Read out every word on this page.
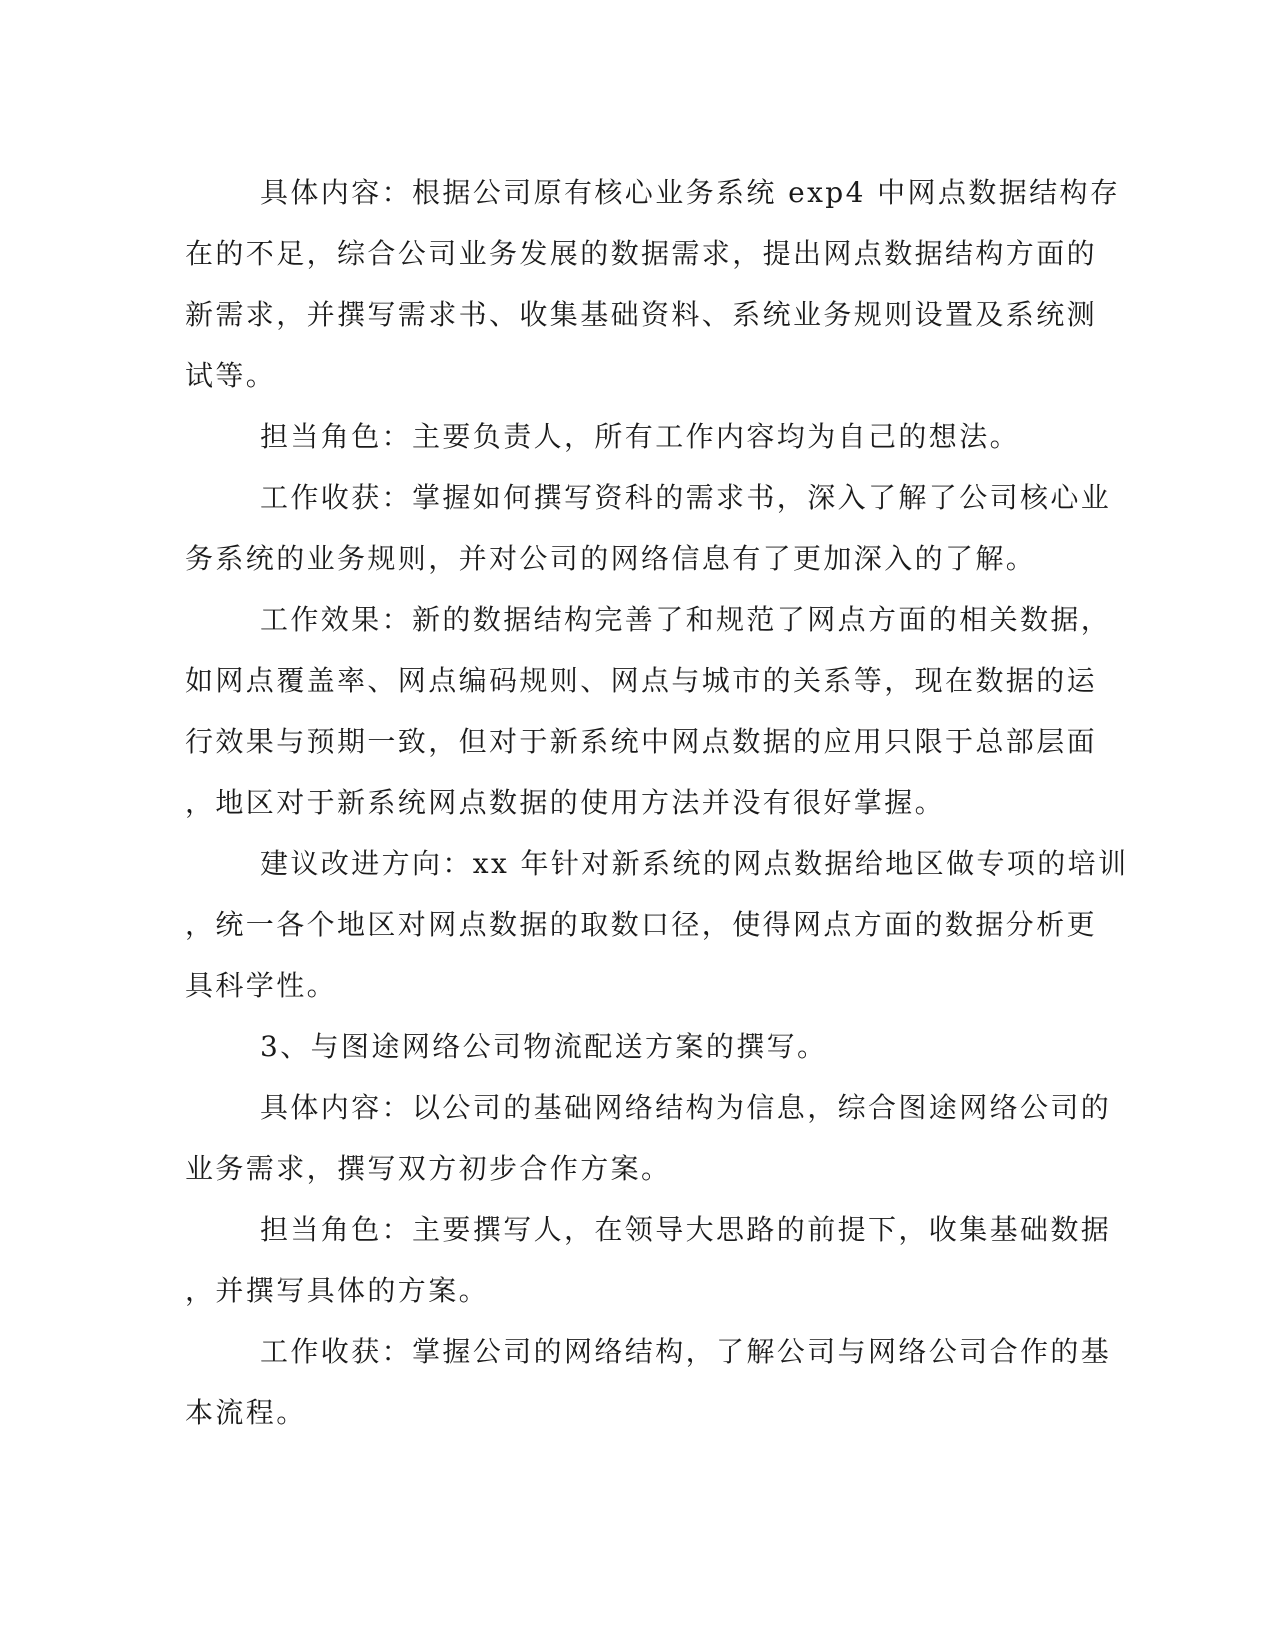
具体内容：根据公司原有核心业务系统 exp4 中网点数据结构存
在的不足，综合公司业务发展的数据需求，提出网点数据结构方面的
新需求，并撰写需求书、收集基础资料、系统业务规则设置及系统测
试等。

担当角色：主要负责人，所有工作内容均为自己的想法。

工作收获：掌握如何撰写资科的需求书，深入了解了公司核心业
务系统的业务规则，并对公司的网络信息有了更加深入的了解。

工作效果：新的数据结构完善了和规范了网点方面的相关数据，
如网点覆盖率、网点编码规则、网点与城市的关系等，现在数据的运
行效果与预期一致，但对于新系统中网点数据的应用只限于总部层面
，地区对于新系统网点数据的使用方法并没有很好掌握。

建议改进方向：xx 年针对新系统的网点数据给地区做专项的培训
，统一各个地区对网点数据的取数口径，使得网点方面的数据分析更
具科学性。

3、与图途网络公司物流配送方案的撰写。

具体内容：以公司的基础网络结构为信息，综合图途网络公司的
业务需求，撰写双方初步合作方案。

担当角色：主要撰写人，在领导大思路的前提下，收集基础数据
，并撰写具体的方案。

工作收获：掌握公司的网络结构，了解公司与网络公司合作的基
本流程。
